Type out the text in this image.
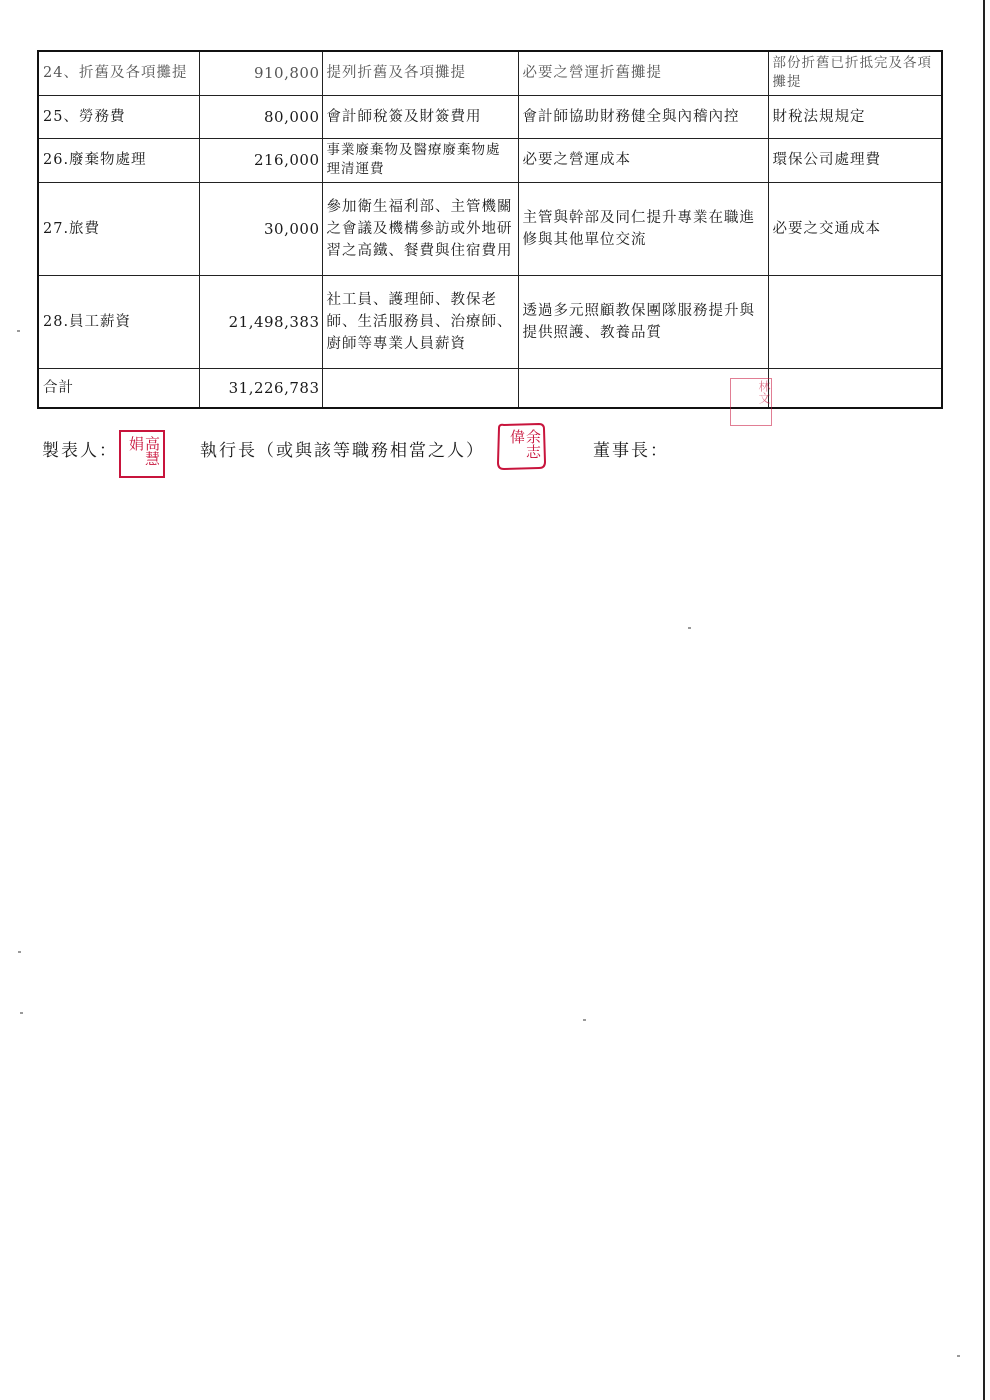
24、折舊及各項攤提	910,800	提列折舊及各項攤提	必要之營運折舊攤提	部份折舊已折抵完及各項攤提
25、勞務費	80,000	會計師稅簽及財簽費用	會計師協助財務健全與內稽內控	財稅法規規定
26.廢棄物處理	216,000	事業廢棄物及醫療廢棄物處理清運費	必要之營運成本	環保公司處理費
27.旅費	30,000	參加衛生福利部、主管機關之會議及機構參訪或外地研習之高鐵、餐費與住宿費用	主管與幹部及同仁提升專業在職進修與其他單位交流	必要之交通成本
28.員工薪資	21,498,383	社工員、護理師、教保老師、生活服務員、治療師、廚師等專業人員薪資	透過多元照顧教保團隊服務提升與提供照護、教養品質	
合計	31,226,783				林文
製表人：	高慧娟	執行長（或與該等職務相當之人）	余志偉
董事長：
